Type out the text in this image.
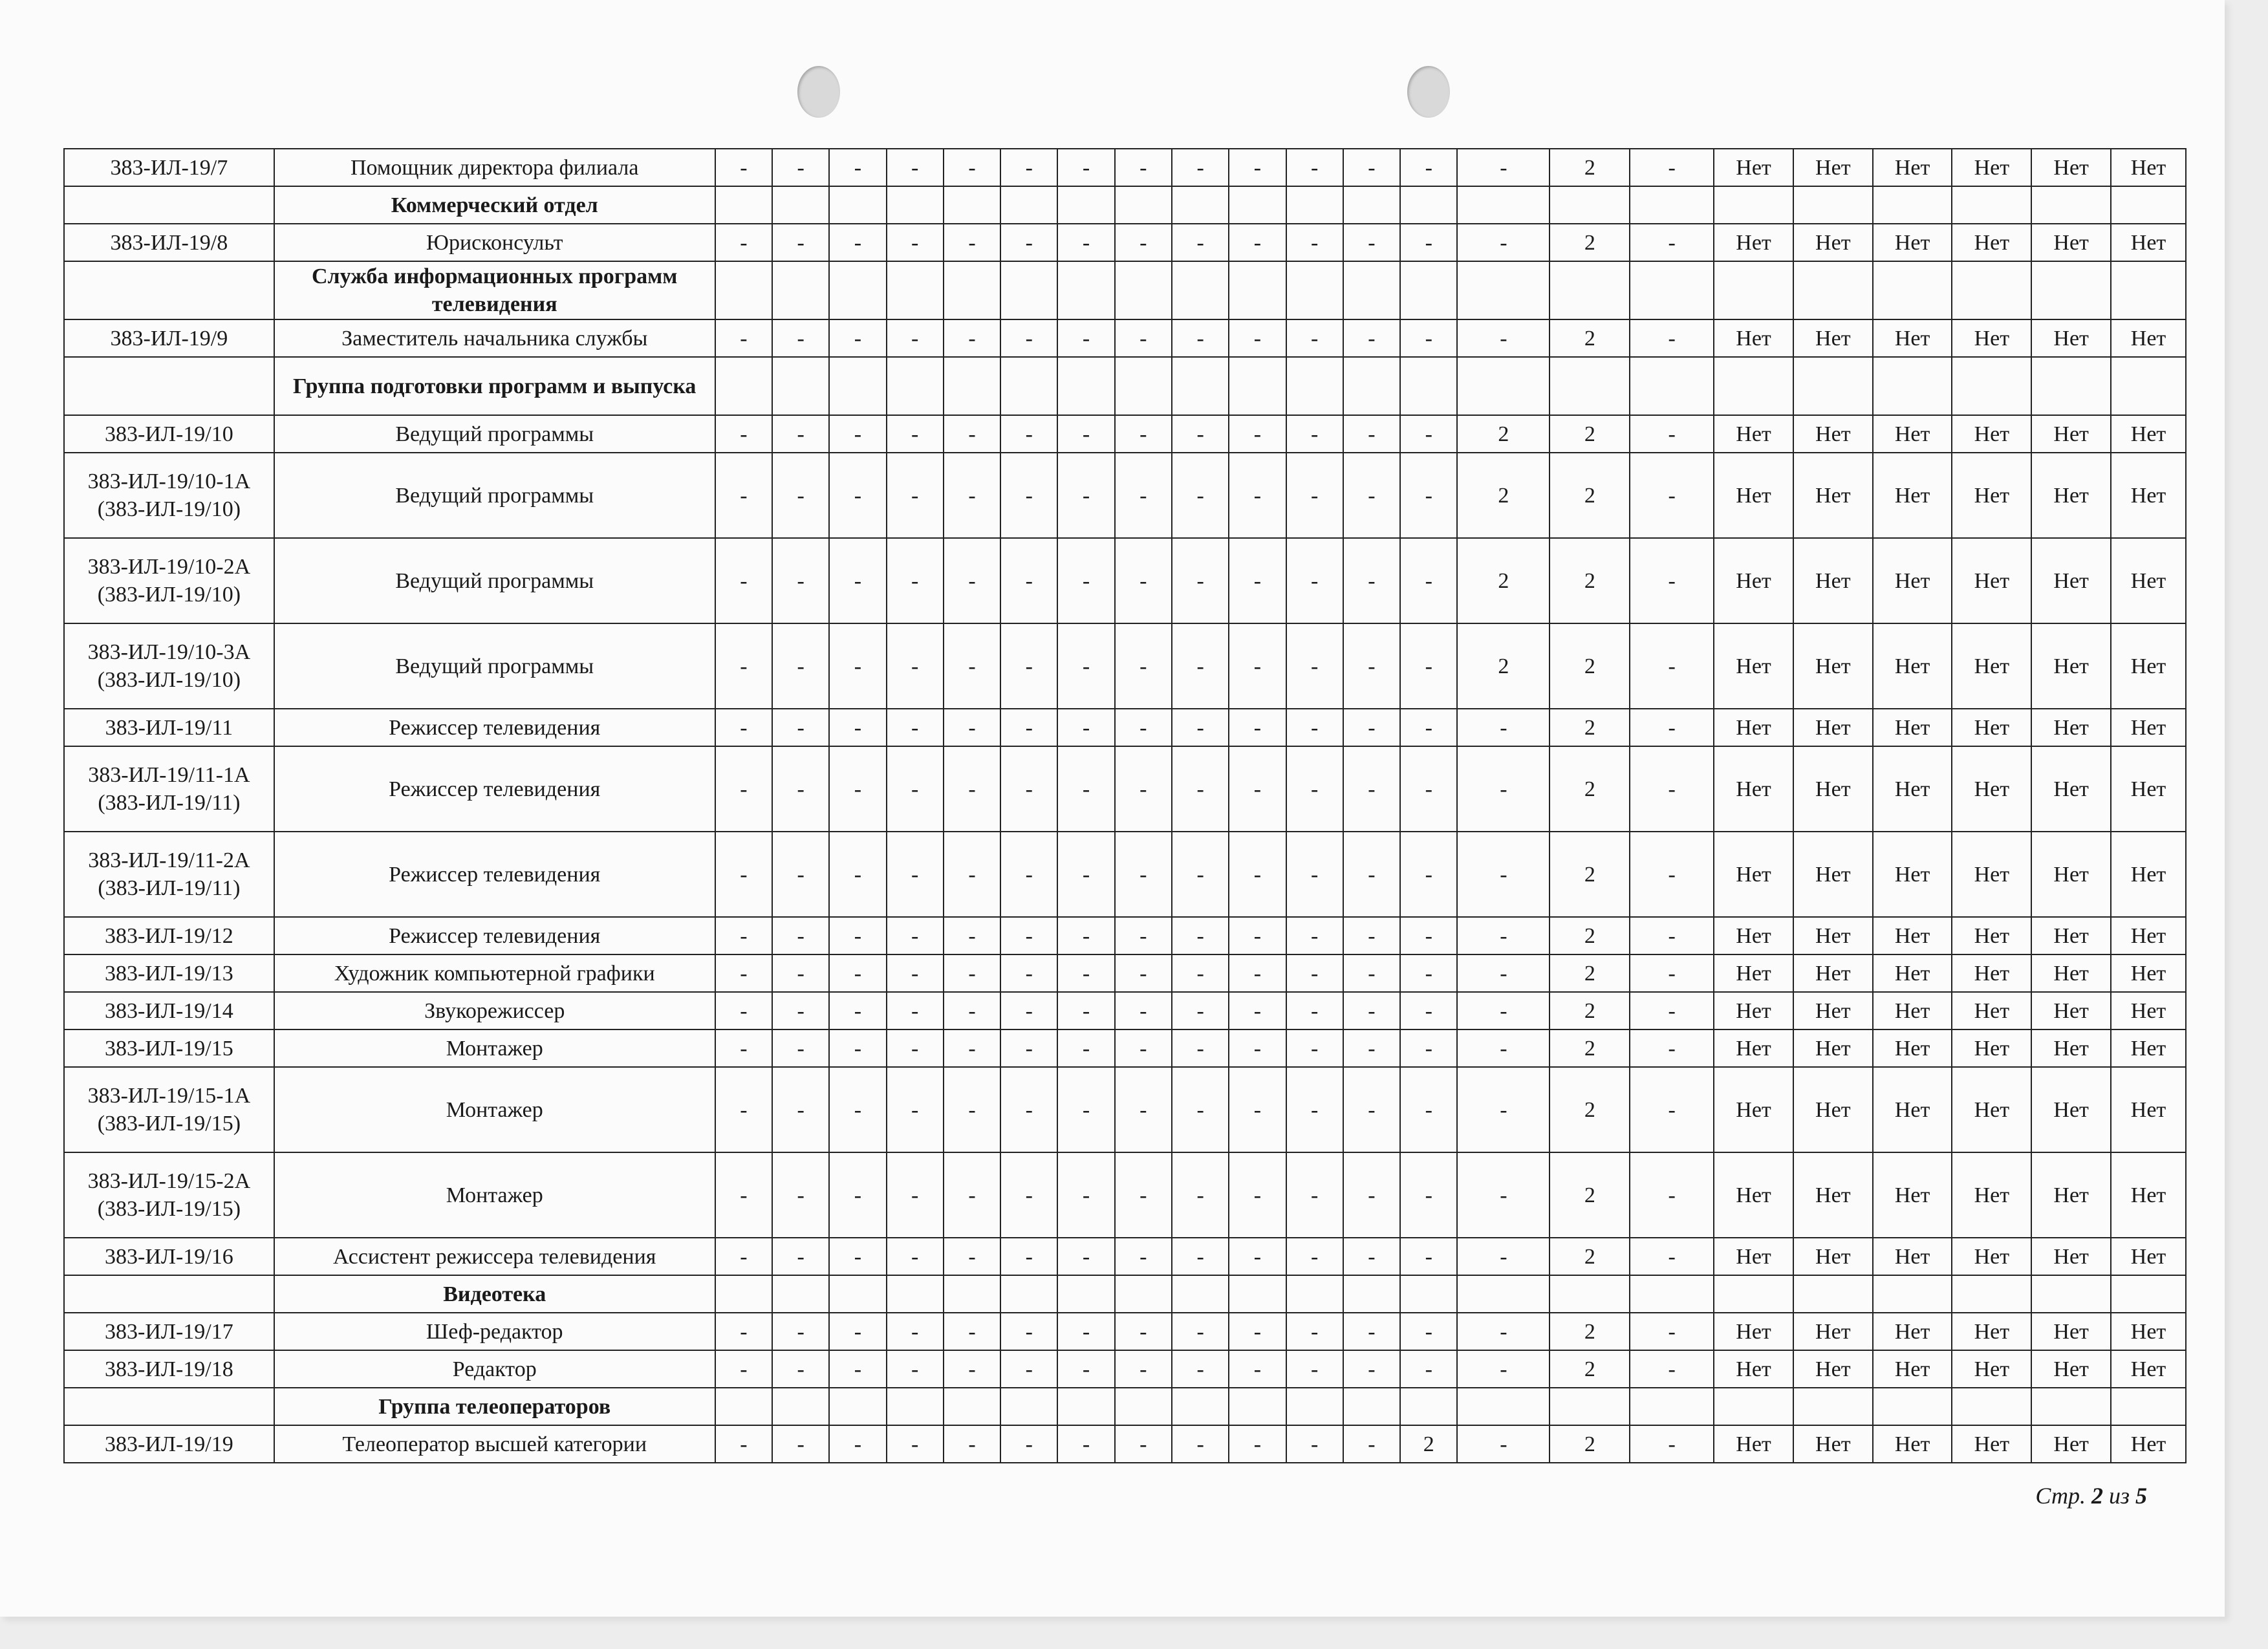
383-ИЛ-19/7	Помощник директора филиала	-	-	-	-	-	-	-	-	-	-	-	-	-	-	2	-	Нет	Нет	Нет	Нет	Нет	Нет
	Коммерческий отдел																						
383-ИЛ-19/8	Юрисконсульт	-	-	-	-	-	-	-	-	-	-	-	-	-	-	2	-	Нет	Нет	Нет	Нет	Нет	Нет
	Служба информационных программ телевидения																						
383-ИЛ-19/9	Заместитель начальника службы	-	-	-	-	-	-	-	-	-	-	-	-	-	-	2	-	Нет	Нет	Нет	Нет	Нет	Нет
	Группа подготовки программ и выпуска																						
383-ИЛ-19/10	Ведущий программы	-	-	-	-	-	-	-	-	-	-	-	-	-	2	2	-	Нет	Нет	Нет	Нет	Нет	Нет
383-ИЛ-19/10-1А (383-ИЛ-19/10)	Ведущий программы	-	-	-	-	-	-	-	-	-	-	-	-	-	2	2	-	Нет	Нет	Нет	Нет	Нет	Нет
383-ИЛ-19/10-2А (383-ИЛ-19/10)	Ведущий программы	-	-	-	-	-	-	-	-	-	-	-	-	-	2	2	-	Нет	Нет	Нет	Нет	Нет	Нет
383-ИЛ-19/10-3А (383-ИЛ-19/10)	Ведущий программы	-	-	-	-	-	-	-	-	-	-	-	-	-	2	2	-	Нет	Нет	Нет	Нет	Нет	Нет
383-ИЛ-19/11	Режиссер телевидения	-	-	-	-	-	-	-	-	-	-	-	-	-	-	2	-	Нет	Нет	Нет	Нет	Нет	Нет
383-ИЛ-19/11-1А (383-ИЛ-19/11)	Режиссер телевидения	-	-	-	-	-	-	-	-	-	-	-	-	-	-	2	-	Нет	Нет	Нет	Нет	Нет	Нет
383-ИЛ-19/11-2А (383-ИЛ-19/11)	Режиссер телевидения	-	-	-	-	-	-	-	-	-	-	-	-	-	-	2	-	Нет	Нет	Нет	Нет	Нет	Нет
383-ИЛ-19/12	Режиссер телевидения	-	-	-	-	-	-	-	-	-	-	-	-	-	-	2	-	Нет	Нет	Нет	Нет	Нет	Нет
383-ИЛ-19/13	Художник компьютерной графики	-	-	-	-	-	-	-	-	-	-	-	-	-	-	2	-	Нет	Нет	Нет	Нет	Нет	Нет
383-ИЛ-19/14	Звукорежиссер	-	-	-	-	-	-	-	-	-	-	-	-	-	-	2	-	Нет	Нет	Нет	Нет	Нет	Нет
383-ИЛ-19/15	Монтажер	-	-	-	-	-	-	-	-	-	-	-	-	-	-	2	-	Нет	Нет	Нет	Нет	Нет	Нет
383-ИЛ-19/15-1А (383-ИЛ-19/15)	Монтажер	-	-	-	-	-	-	-	-	-	-	-	-	-	-	2	-	Нет	Нет	Нет	Нет	Нет	Нет
383-ИЛ-19/15-2А (383-ИЛ-19/15)	Монтажер	-	-	-	-	-	-	-	-	-	-	-	-	-	-	2	-	Нет	Нет	Нет	Нет	Нет	Нет
383-ИЛ-19/16	Ассистент режиссера телевидения	-	-	-	-	-	-	-	-	-	-	-	-	-	-	2	-	Нет	Нет	Нет	Нет	Нет	Нет
	Видеотека																						
383-ИЛ-19/17	Шеф-редактор	-	-	-	-	-	-	-	-	-	-	-	-	-	-	2	-	Нет	Нет	Нет	Нет	Нет	Нет
383-ИЛ-19/18	Редактор	-	-	-	-	-	-	-	-	-	-	-	-	-	-	2	-	Нет	Нет	Нет	Нет	Нет	Нет
	Группа телеоператоров																						
383-ИЛ-19/19	Телеоператор высшей категории	-	-	-	-	-	-	-	-	-	-	-	-	2	-	2	-	Нет	Нет	Нет	Нет	Нет	Нет
Стр. 2 из 5
